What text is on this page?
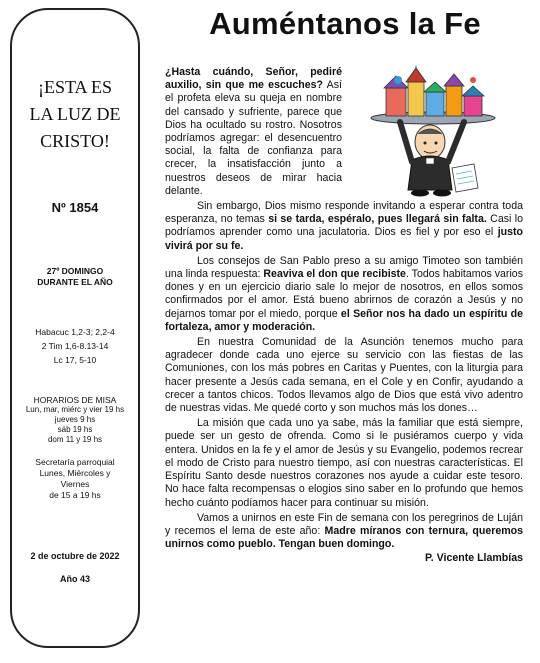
¡ESTA ES
LA LUZ DE
CRISTO!
Nº 1854
27º DOMINGO
DURANTE EL AÑO
Habacuc 1,2-3; 2,2-4
2 Tim 1,6-8.13-14
Lc 17, 5-10
HORARIOS DE MISA
Lun, mar, miérc y vier 19 hs
jueves 9 hs
sáb 19 hs
dom 11 y 19 hs
Secretaría parroquial
Lunes, Miércoles y
Viernes
de 15 a 19 hs
2 de octubre de 2022
Año 43
Auméntanos la Fe

¿Hasta cuándo, Señor, pediré auxilio, sin que me escuches? Así el profeta eleva su queja en nombre del cansado y sufriente, parece que Dios ha ocultado su rostro. Nosotros podríamos agregar: el desencuentro social, la falta de confianza para crecer, la insatisfacción junto a nuestros deseos de mirar hacia delante.

Sin embargo, Dios mismo responde invitando a esperar contra toda esperanza, no temas si se tarda, espéralo, pues llegará sin falta. Casi lo podríamos aprender como una jaculatoria. Dios es fiel y por eso el justo vivirá por su fe.

Los consejos de San Pablo preso a su amigo Timoteo son también una linda respuesta: Reaviva el don que recibiste. Todos habitamos varios dones y en un ejercicio diario sale lo mejor de nosotros, en ellos somos confirmados por el amor. Está bueno abrirnos de corazón a Jesús y no dejarnos tomar por el miedo, porque el Señor nos ha dado un espíritu de fortaleza, amor y moderación.

En nuestra Comunidad de la Asunción tenemos mucho para agradecer donde cada uno ejerce su servicio con las fiestas de las Comuniones, con los más pobres en Caritas y Puentes, con la liturgia para hacer presente a Jesús cada semana, en el Cole y en Confir, ayudando a crecer a tantos chicos. Todos llevamos algo de Dios que está vivo adentro de nuestras vidas. Me quedé corto y son muchos más los dones…

La misión que cada uno ya sabe, más la familiar que está siempre, puede ser un gesto de ofrenda. Como si le pusiéramos cuerpo y vida entera. Unidos en la fe y el amor de Jesús y su Evangelio, podemos recrear el modo de Cristo para nuestro tiempo, así con nuestras características. El Espíritu Santo desde nuestros corazones nos ayude a cuidar este tesoro. No hace falta recompensas o elogios sino saber en lo profundo que hemos hecho cuánto podíamos hacer para continuar su misión.

Vamos a unirnos en este Fin de semana con los peregrinos de Luján y recemos el lema de este año: Madre míranos con ternura, queremos unirnos como pueblo. Tengan buen domingo.

P. Vicente Llambías
